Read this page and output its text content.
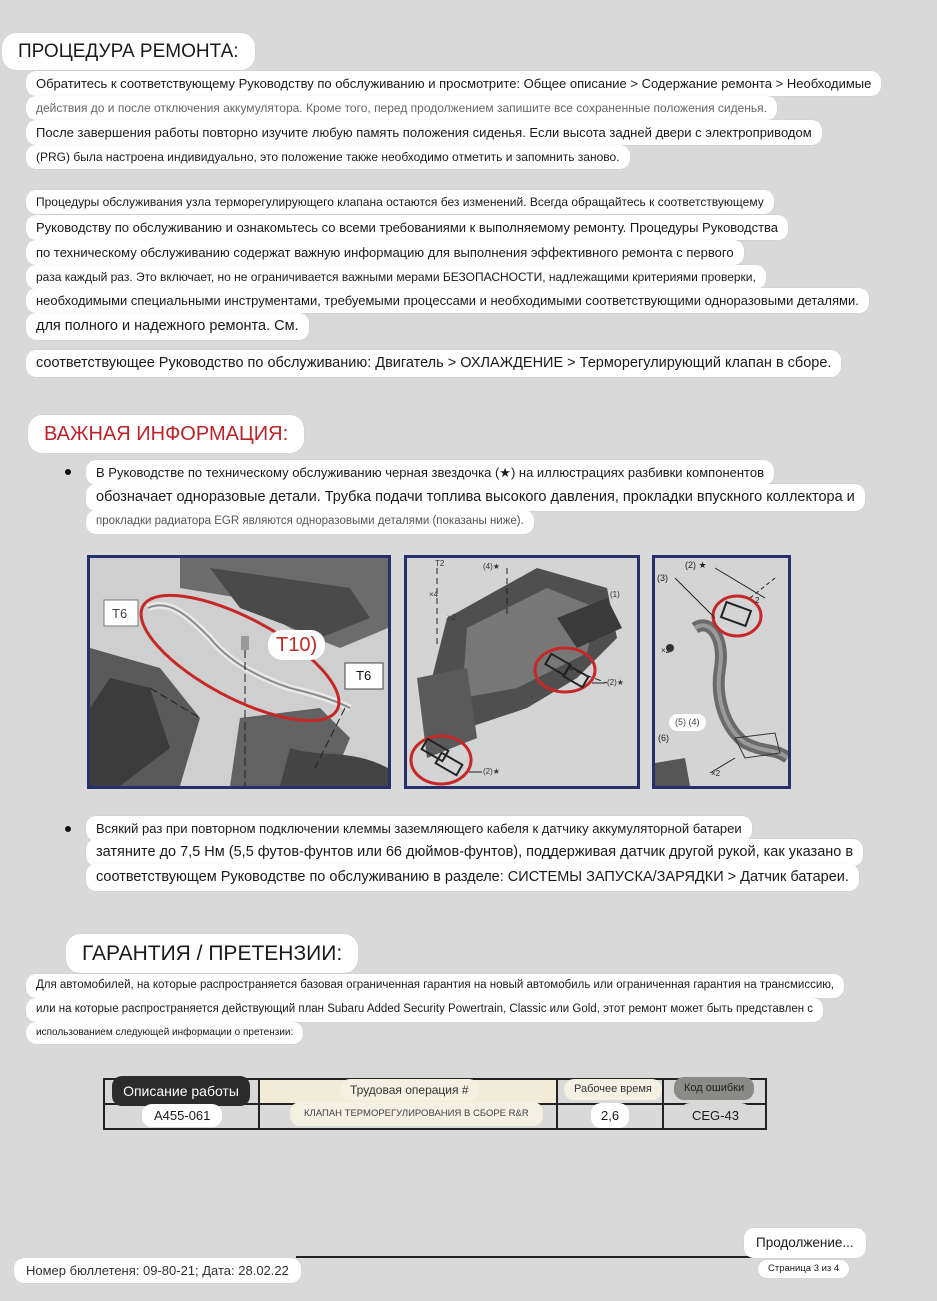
ПРОЦЕДУРА РЕМОНТА:
Обратитесь к соответствующему Руководству по обслуживанию и просмотрите: Общее описание > Содержание ремонта > Необходимые
действия до и после отключения аккумулятора. Кроме того, перед продолжением запишите все сохраненные положения сиденья.
После завершения работы повторно изучите любую память положения сиденья. Если высота задней двери с электроприводом
(PRG) была настроена индивидуально, это положение также необходимо отметить и запомнить заново.
Процедуры обслуживания узла терморегулирующего клапана остаются без изменений. Всегда обращайтесь к соответствующему
Руководству по обслуживанию и ознакомьтесь со всеми требованиями к выполняемому ремонту. Процедуры Руководства
по техническому обслуживанию содержат важную информацию для выполнения эффективного ремонта с первого
раза каждый раз. Это включает, но не ограничивается важными мерами БЕЗОПАСНОСТИ, надлежащими критериями проверки,
необходимыми специальными инструментами, требуемыми процессами и необходимыми соответствующими одноразовыми деталями.
для полного и надежного ремонта. См.
соответствующее Руководство по обслуживанию: Двигатель > ОХЛАЖДЕНИЕ > Терморегулирующий клапан в сборе.
ВАЖНАЯ ИНФОРМАЦИЯ:
В Руководстве по техническому обслуживанию черная звездочка (★) на иллюстрациях разбивки компонентов
обозначает одноразовые детали. Трубка подачи топлива высокого давления, прокладки впускного коллектора и
прокладки радиатора EGR являются одноразовыми деталями (показаны ниже).
T6
T10)
T6
T2	(4)★
(1)
(2)★
(2)★
×4
×2
(2) ★
(3)
×2
2
(5) (4)
(6)
×2
Всякий раз при повторном подключении клеммы заземляющего кабеля к датчику аккумуляторной батареи
затяните до 7,5 Нм (5,5 футов-фунтов или 66 дюймов-фунтов), поддерживая датчик другой рукой, как указано в
соответствующем Руководстве по обслуживанию в разделе: СИСТЕМЫ ЗАПУСКА/ЗАРЯДКИ > Датчик батареи.
ГАРАНТИЯ / ПРЕТЕНЗИИ:
Для автомобилей, на которые распространяется базовая ограниченная гарантия на новый автомобиль или ограниченная гарантия на трансмиссию,
или на которые распространяется действующий план Subaru Added Security Powertrain, Classic или Gold, этот ремонт может быть представлен с
использованием следующей информации о претензии:
Описание работы	Трудовая операция #	Рабочее время	Код ошибки
A455-061	КЛАПАН ТЕРМОРЕГУЛИРОВАНИЯ В СБОРЕ R&R	2,6	CEG-43
Продолжение...
Страница 3 из 4
Номер бюллетеня: 09-80-21; Дата: 28.02.22
